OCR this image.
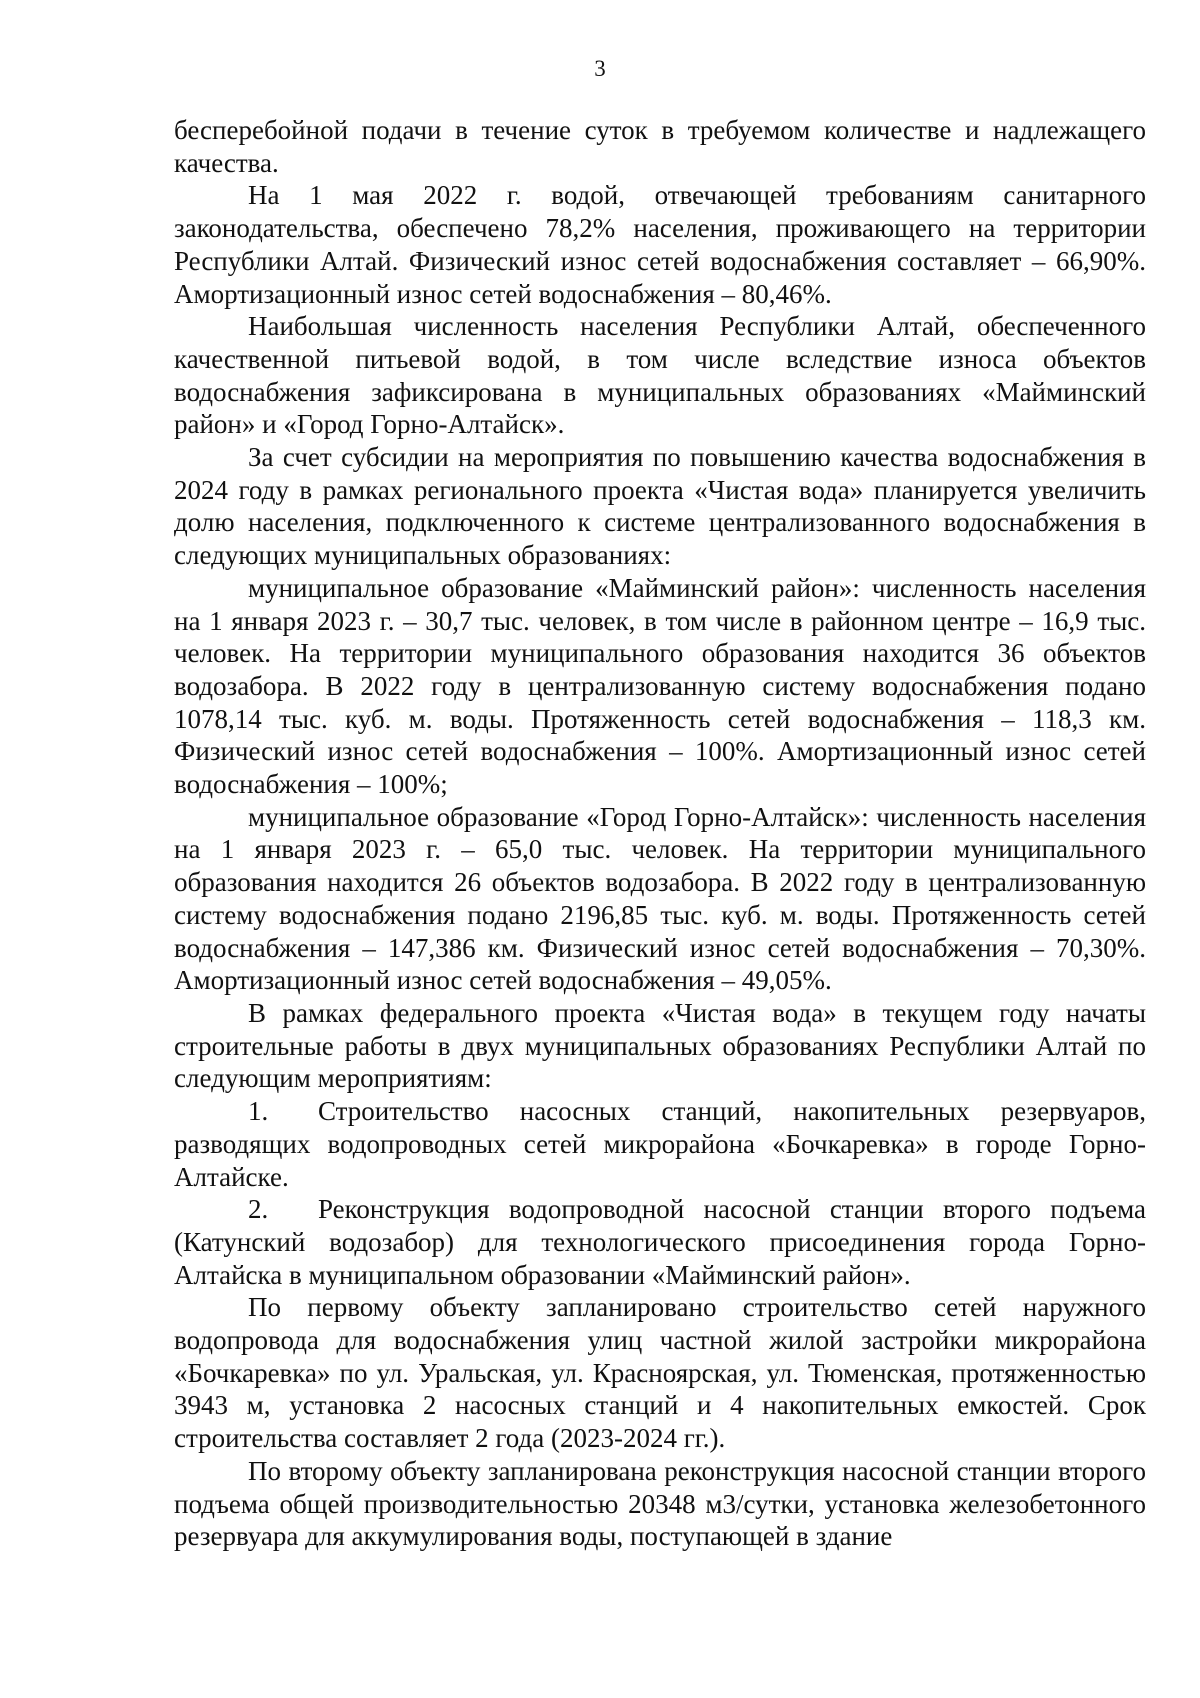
3

бесперебойной подачи в течение суток в требуемом количестве и надлежащего качества.

На 1 мая 2022 г. водой, отвечающей требованиям санитарного законодательства, обеспечено 78,2% населения, проживающего на территории Республики Алтай. Физический износ сетей водоснабжения составляет – 66,90%. Амортизационный износ сетей водоснабжения – 80,46%.

Наибольшая численность населения Республики Алтай, обеспеченного качественной питьевой водой, в том числе вследствие износа объектов водоснабжения зафиксирована в муниципальных образованиях «Майминский район» и «Город Горно-Алтайск».

За счет субсидии на мероприятия по повышению качества водоснабжения в 2024 году в рамках регионального проекта «Чистая вода» планируется увеличить долю населения, подключенного к системе централизованного водоснабжения в следующих муниципальных образованиях:

муниципальное образование «Майминский район»: численность населения на 1 января 2023 г. – 30,7 тыс. человек, в том числе в районном центре – 16,9 тыс. человек. На территории муниципального образования находится 36 объектов водозабора. В 2022 году в централизованную систему водоснабжения подано 1078,14 тыс. куб. м. воды. Протяженность сетей водоснабжения – 118,3 км. Физический износ сетей водоснабжения – 100%. Амортизационный износ сетей водоснабжения – 100%;

муниципальное образование «Город Горно-Алтайск»: численность населения на 1 января 2023 г. – 65,0 тыс. человек. На территории муниципального образования находится 26 объектов водозабора. В 2022 году в централизованную систему водоснабжения подано 2196,85 тыс. куб. м. воды. Протяженность сетей водоснабжения – 147,386 км. Физический износ сетей водоснабжения – 70,30%. Амортизационный износ сетей водоснабжения – 49,05%.

В рамках федерального проекта «Чистая вода» в текущем году начаты строительные работы в двух муниципальных образованиях Республики Алтай по следующим мероприятиям:

1. Строительство насосных станций, накопительных резервуаров, разводящих водопроводных сетей микрорайона «Бочкаревка» в городе Горно-Алтайске.

2. Реконструкция водопроводной насосной станции второго подъема (Катунский водозабор) для технологического присоединения города Горно-Алтайска в муниципальном образовании «Майминский район».

По первому объекту запланировано строительство сетей наружного водопровода для водоснабжения улиц частной жилой застройки микрорайона «Бочкаревка» по ул. Уральская, ул. Красноярская, ул. Тюменская, протяженностью 3943 м, установка 2 насосных станций и 4 накопительных емкостей. Срок строительства составляет 2 года (2023-2024 гг.).

По второму объекту запланирована реконструкция насосной станции второго подъема общей производительностью 20348 м3/сутки, установка железобетонного резервуара для аккумулирования воды, поступающей в здание
